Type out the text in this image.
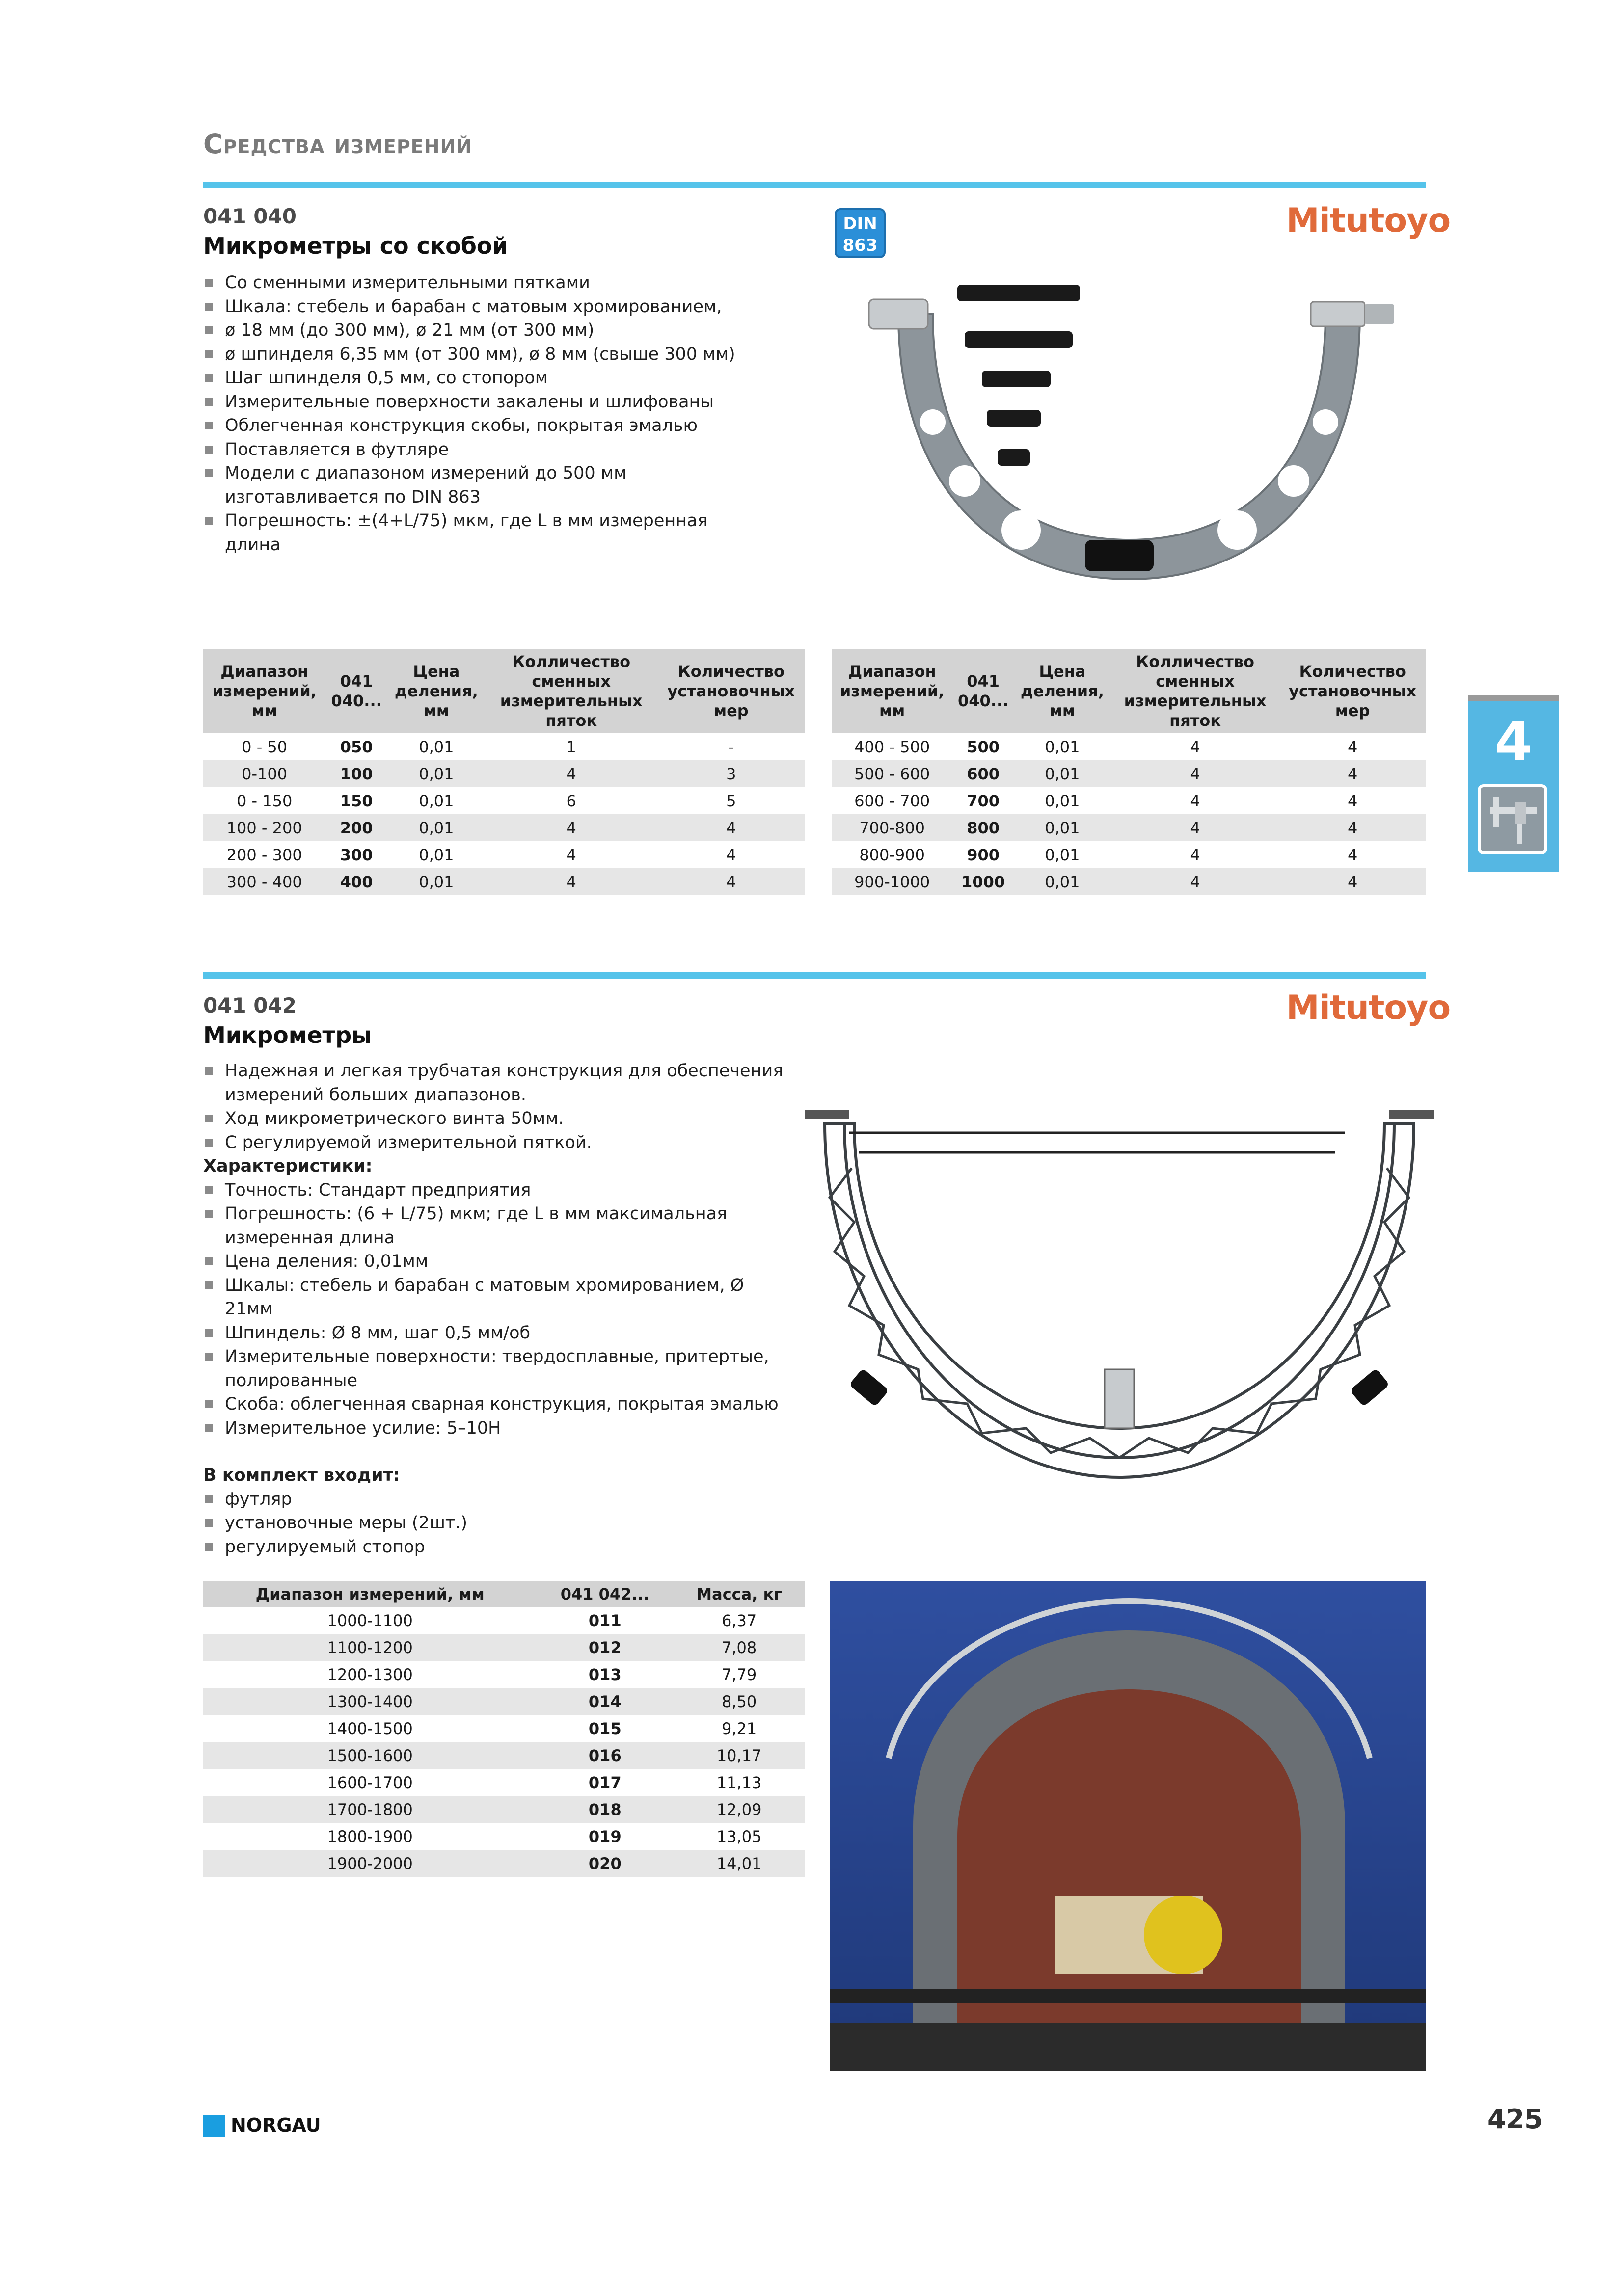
Средства измерений
041 040
Микрометры со скобой
Со сменными измерительными пятками
Шкала: стебель и барабан с матовым хромированием,
ø 18 мм (до 300 мм), ø 21 мм (от 300 мм)
ø шпинделя 6,35 мм (от 300 мм), ø 8 мм (свыше 300 мм)
Шаг шпинделя 0,5 мм, со стопором
Измерительные поверхности закалены и шлифованы
Облегченная конструкция скобы, покрытая эмалью
Поставляется в футляре
Модели с диапазоном измерений до 500 мм изготавливается по DIN 863
Погрешность: ±(4+L/75) мкм, где L в мм измеренная длина
DIN
863
Mitutoyo
Диапазон измерений, мм	041 040...	Цена деления, мм	Колличество сменных измерительных пяток	Количество установочных мер
0 - 50	050	0,01	1	-
0-100	100	0,01	4	3
0 - 150	150	0,01	6	5
100 - 200	200	0,01	4	4
200 - 300	300	0,01	4	4
300 - 400	400	0,01	4	4
Диапазон измерений, мм	041 040...	Цена деления, мм	Колличество сменных измерительных пяток	Количество установочных мер
400 - 500	500	0,01	4	4
500 - 600	600	0,01	4	4
600 - 700	700	0,01	4	4
700-800	800	0,01	4	4
800-900	900	0,01	4	4
900-1000	1000	0,01	4	4
4
041 042
Микрометры
Mitutoyo
Надежная и легкая трубчатая конструкция для обеспечения измерений больших диапазонов.
Ход микрометрического винта 50мм.
С регулируемой измерительной пяткой.
Характеристики:
Точность: Стандарт предприятия
Погрешность: (6 + L/75) мкм; где L в мм максимальная измеренная длина
Цена деления: 0,01мм
Шкалы: стебель и барабан с матовым хромированием, Ø 21мм
Шпиндель: Ø 8 мм, шаг 0,5 мм/об
Измерительные поверхности: твердосплавные, притертые, полированные
Скоба: облегченная сварная конструкция, покрытая эмалью
Измерительное усилие: 5–10Н
В комплект входит:
футляр
установочные меры (2шт.)
регулируемый стопор
Диапазон измерений, мм	041 042...	Масса, кг
1000-1100	011	6,37
1100-1200	012	7,08
1200-1300	013	7,79
1300-1400	014	8,50
1400-1500	015	9,21
1500-1600	016	10,17
1600-1700	017	11,13
1700-1800	018	12,09
1800-1900	019	13,05
1900-2000	020	14,01
NORGAU	425
